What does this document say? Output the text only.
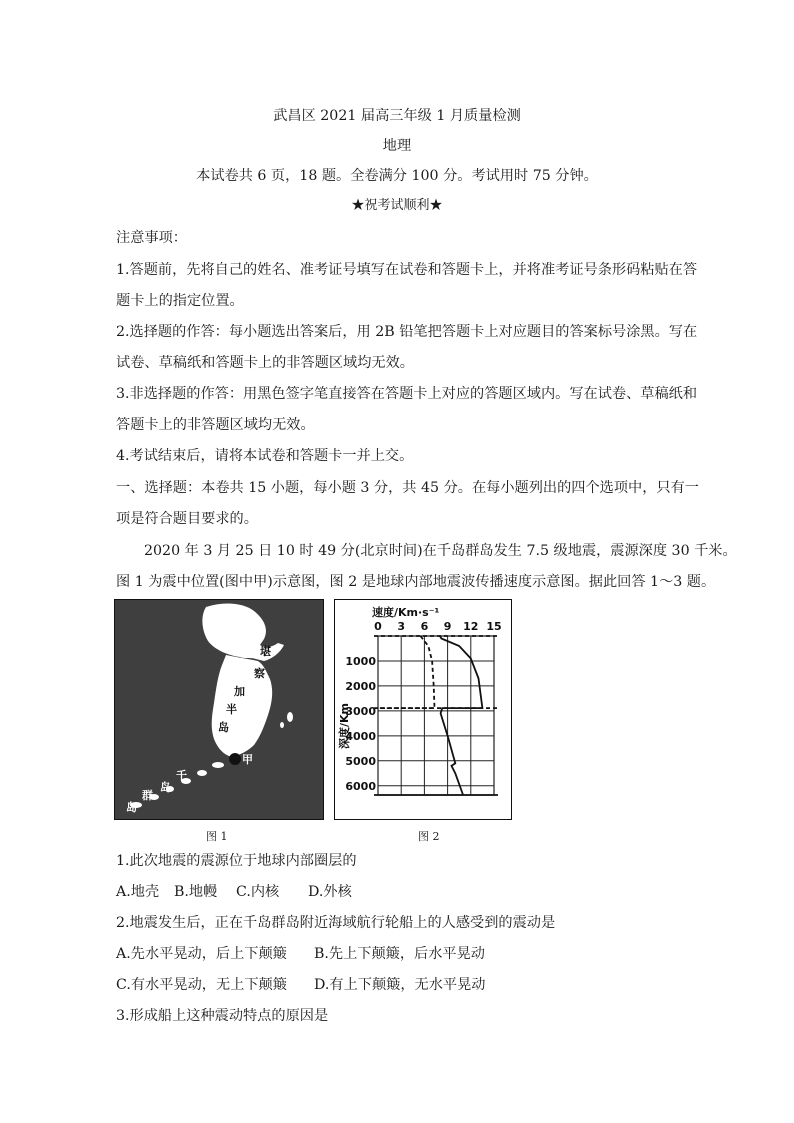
武昌区 2021 届高三年级 1 月质量检测
地理
本试卷共 6 页，18 题。全卷满分 100 分。考试用时 75 分钟。
★祝考试顺利★
注意事项：
1.答题前，先将自己的姓名、准考证号填写在试卷和答题卡上，并将准考证号条形码粘贴在答
题卡上的指定位置。
2.选择题的作答：每小题选出答案后，用 2B 铅笔把答题卡上对应题目的答案标号涂黑。写在
试卷、草稿纸和答题卡上的非答题区域均无效。
3.非选择题的作答：用黑色签字笔直接答在答题卡上对应的答题区域内。写在试卷、草稿纸和
答题卡上的非答题区域均无效。
4.考试结束后，请将本试卷和答题卡一并上交。
一、选择题：本卷共 15 小题，每小题 3 分，共 45 分。在每小题列出的四个选项中，只有一
项是符合题目要求的。
2020 年 3 月 25 日 10 时 49 分(北京时间)在千岛群岛发生 7.5 级地震，震源深度 30 千米。
图 1 为震中位置(图中甲)示意图，图 2 是地球内部地震波传播速度示意图。据此回答 1～3 题。
甲
堪
察
加
半
岛
千
岛
群
岛
图 1
0 3 6 9 12 15
1000
2000
3000
4000
5000
6000
速度/Km·s⁻¹
深度/Km
图 2
1.此次地震的震源位于地球内部圈层的
A.地壳 B.地幔 C.内核 D.外核
2.地震发生后，正在千岛群岛附近海域航行轮船上的人感受到的震动是
A.先水平晃动，后上下颠簸 B.先上下颠簸，后水平晃动
C.有水平晃动，无上下颠簸 D.有上下颠簸，无水平晃动
3.形成船上这种震动特点的原因是
